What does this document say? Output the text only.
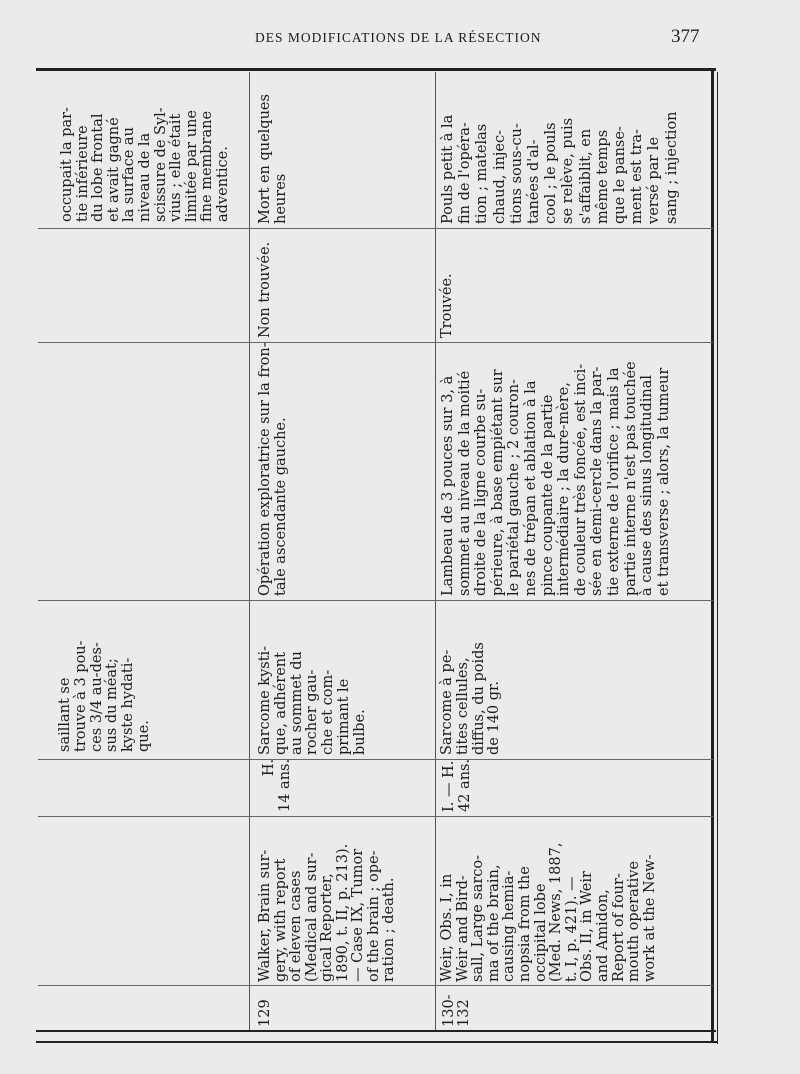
DES MODIFICATIONS DE LA RÉSECTION	377
saillant se trouve à 3 pou- ces 3/4 au-des- sus du méat; kyste hydati- que.
occupait la par- tie inférieure du lobe frontal et avait gagné la surface au niveau de la scissure de Syl- vius ; elle était limitée par une fine membrane adventice.
129
Walker, Brain sur- gery, with report of eleven cases (Medical and sur- gical Reporter, 1890, t. II, p. 213). — Case IX, Tumor of the brain ; ope- ration ; death.
H. 14 ans.
Sarcome kysti- que, adhérent au sommet du rocher gau- che et com- primant le bulbe.
Opération exploratrice sur la fron- tale ascendante gauche.
Non trouvée.
Mort en quelques heures
130-
132
Weir, Obs. I, in Weir and Bird- sall, Large sarco- ma of the brain, causing hemia- nopsia from the occipital lobe (Med. News, 1887, t. I, p. 421). — Obs. II, in Weir and Amidon, Report of four- mouth operative work at the New-
I. — H. 42 ans.
Sarcome à pe- tites cellules, diffus, du poids de 140 gr.
Lambeau de 3 pouces sur 3, à sommet au niveau de la moitié droite de la ligne courbe su- périeure, à base empiétant sur le pariétal gauche ; 2 couron- nes de trépan et ablation à la pince coupante de la partie intermédiaire ; la dure-mère, de couleur très foncée, est inci- sée en demi-cercle dans la par- tie externe de l'orifice ; mais la partie interne n'est pas touchée à cause des sinus longitudinal et transverse ; alors, la tumeur
Trouvée.
Pouls petit à la fin de l'opéra- tion ; matelas chaud, injec- tions sous-cu- tanées d'al- cool ; le pouls se relève, puis s'affaiblit, en même temps que le panse- ment est tra- versé par le sang ; injection
